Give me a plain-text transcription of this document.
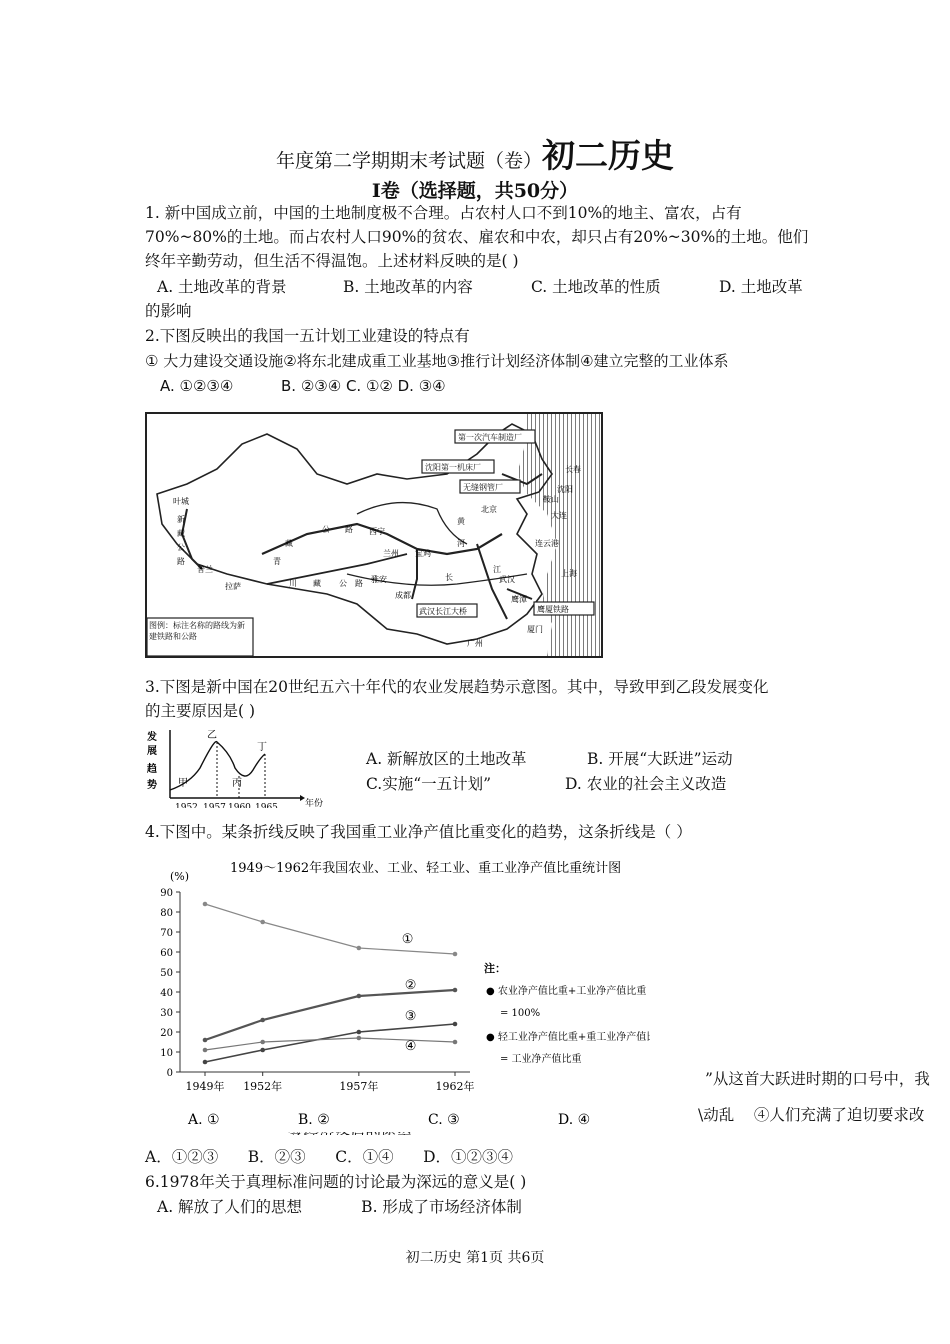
年度第二学期期末考试题（卷）初二历史
Ⅰ卷（选择题，共50分）
1. 新中国成立前，中国的土地制度极不合理。占农村人口不到10%的地主、富农，占有
70%~80%的土地。而占农村人口90%的贫农、雇农和中农，却只占有20%~30%的土地。他们
终年辛勤劳动，但生活不得温饱。上述材料反映的是( )
A. 土地改革的背景	B. 土地改革的内容	C. 土地改革的性质	D. 土地改革
的影响
2.下图反映出的我国一五计划工业建设的特点有
① 大力建设交通设施②将东北建成重工业基地③推行计划经济体制④建立完整的工业体系
A. ①②③④          B. ②③④ C. ①② D. ③④
第一次汽车制造厂
沈阳第一机床厂
无缝钢管厂
长春
沈阳
鞍山
大连
北京
叶城
新
藏
公
路
普兰
公 路 西宁
兰州 宝鸡
黄
河
藏
青
拉萨	川 藏 公 路 雅安
成都
长
江
武汉
连云港
上海
鹰潭
鹰厦铁路
厦门
广州
武汉长江大桥
图例：标注名称的路线为新建铁路和公路
3.下图是新中国在20世纪五六十年代的农业发展趋势示意图。其中，导致甲到乙段发展变化
的主要原因是( )
发
展
趋
势 甲
乙
丙
丁
1952 1957 1960 1965	年份
A. 新解放区的土地改革	B. 开展“大跃进”运动
C.实施“一五计划”	D. 农业的社会主义改造
4.下图中。某条折线反映了我国重工业净产值比重变化的趋势，这条折线是（ ）
”从这首大跃进时期的口号中，我
\动乱    ④人们充满了迫切要求改
1949～1962年我国农业、工业、轻工业、重工业净产值比重统计图
(%)
0
10
20
30
40
50
60
70
80
90
1949年 1952年	1957年	1962年
①
②
③
④
注：
● 农业净产值比重+工业净产值比重
= 100%
● 轻工业净产值比重+重工业净产值比重
= 工业净产值比重
A. ①	B. ②	C. ③	D. ④
A．①②③      B．②③      C．①④      D．①②③④
6.1978年关于真理标准问题的讨论最为深远的意义是( )
A. 解放了人们的思想            B. 形成了市场经济体制
初二历史 第1页 共6页
